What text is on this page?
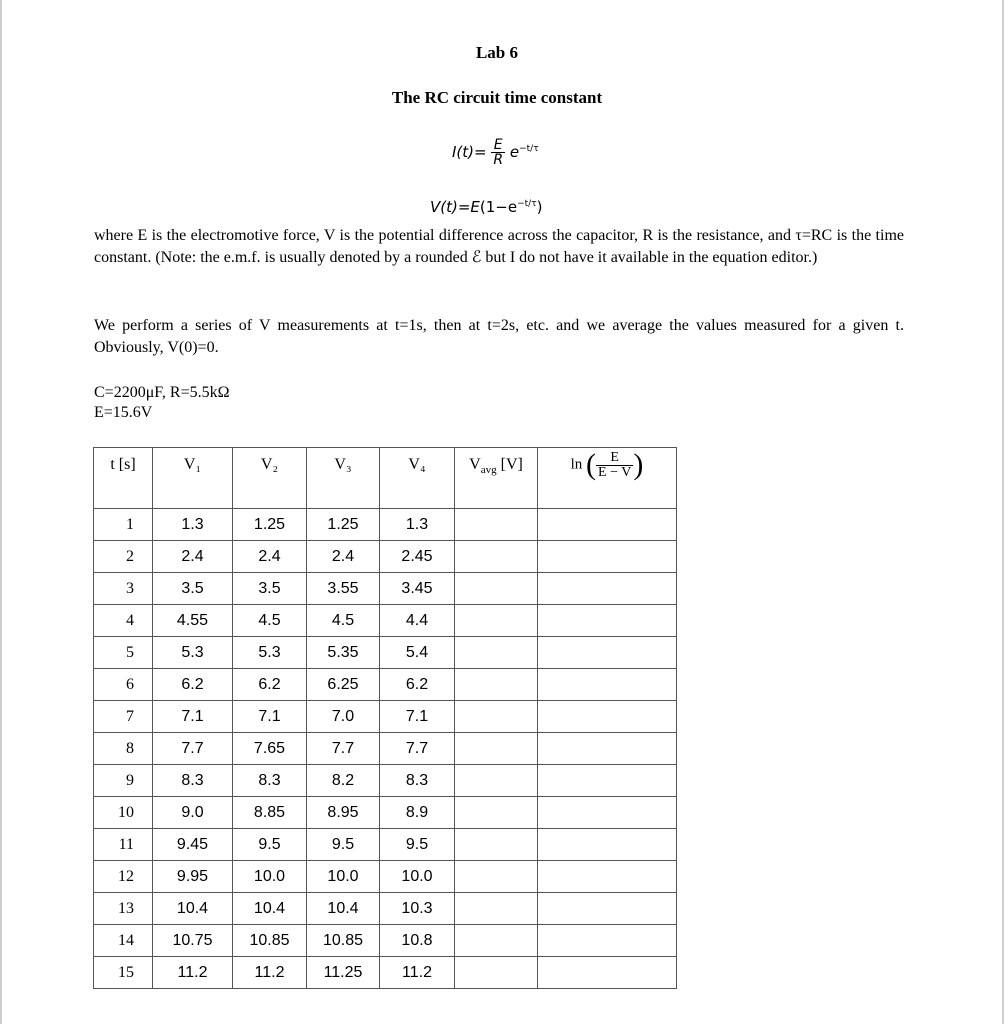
Lab 6
The RC circuit time constant
$I(t)= \frac{E}{R} e^{-t/\tau}$
$V(t)=E(1-e^{-t/\tau})$
where E is the electromotive force, V is the potential difference across the capacitor, R is the resistance, and τ=RC is the time constant. (Note: the e.m.f. is usually denoted by a rounded ℰ but I do not have it available in the equation editor.)
We perform a series of V measurements at t=1s, then at t=2s, etc. and we average the values measured for a given t. Obviously, V(0)=0.
C=2200μF, R=5.5kΩ
E=15.6V
t [s]	V₁	V₂	V₃	V₄	$V_{avg}$ [V]	ln ( $\frac{E}{E - V}$ )
1	1.3	1.25	1.25	1.3		
2	2.4	2.4	2.4	2.45		
3	3.5	3.5	3.55	3.45		
4	4.55	4.5	4.5	4.4		
5	5.3	5.3	5.35	5.4		
6	6.2	6.2	6.25	6.2		
7	7.1	7.1	7.0	7.1		
8	7.7	7.65	7.7	7.7		
9	8.3	8.3	8.2	8.3		
10	9.0	8.85	8.95	8.9		
11	9.45	9.5	9.5	9.5		
12	9.95	10.0	10.0	10.0		
13	10.4	10.4	10.4	10.3		
14	10.75	10.85	10.85	10.8		
15	11.2	11.2	11.25	11.2		
